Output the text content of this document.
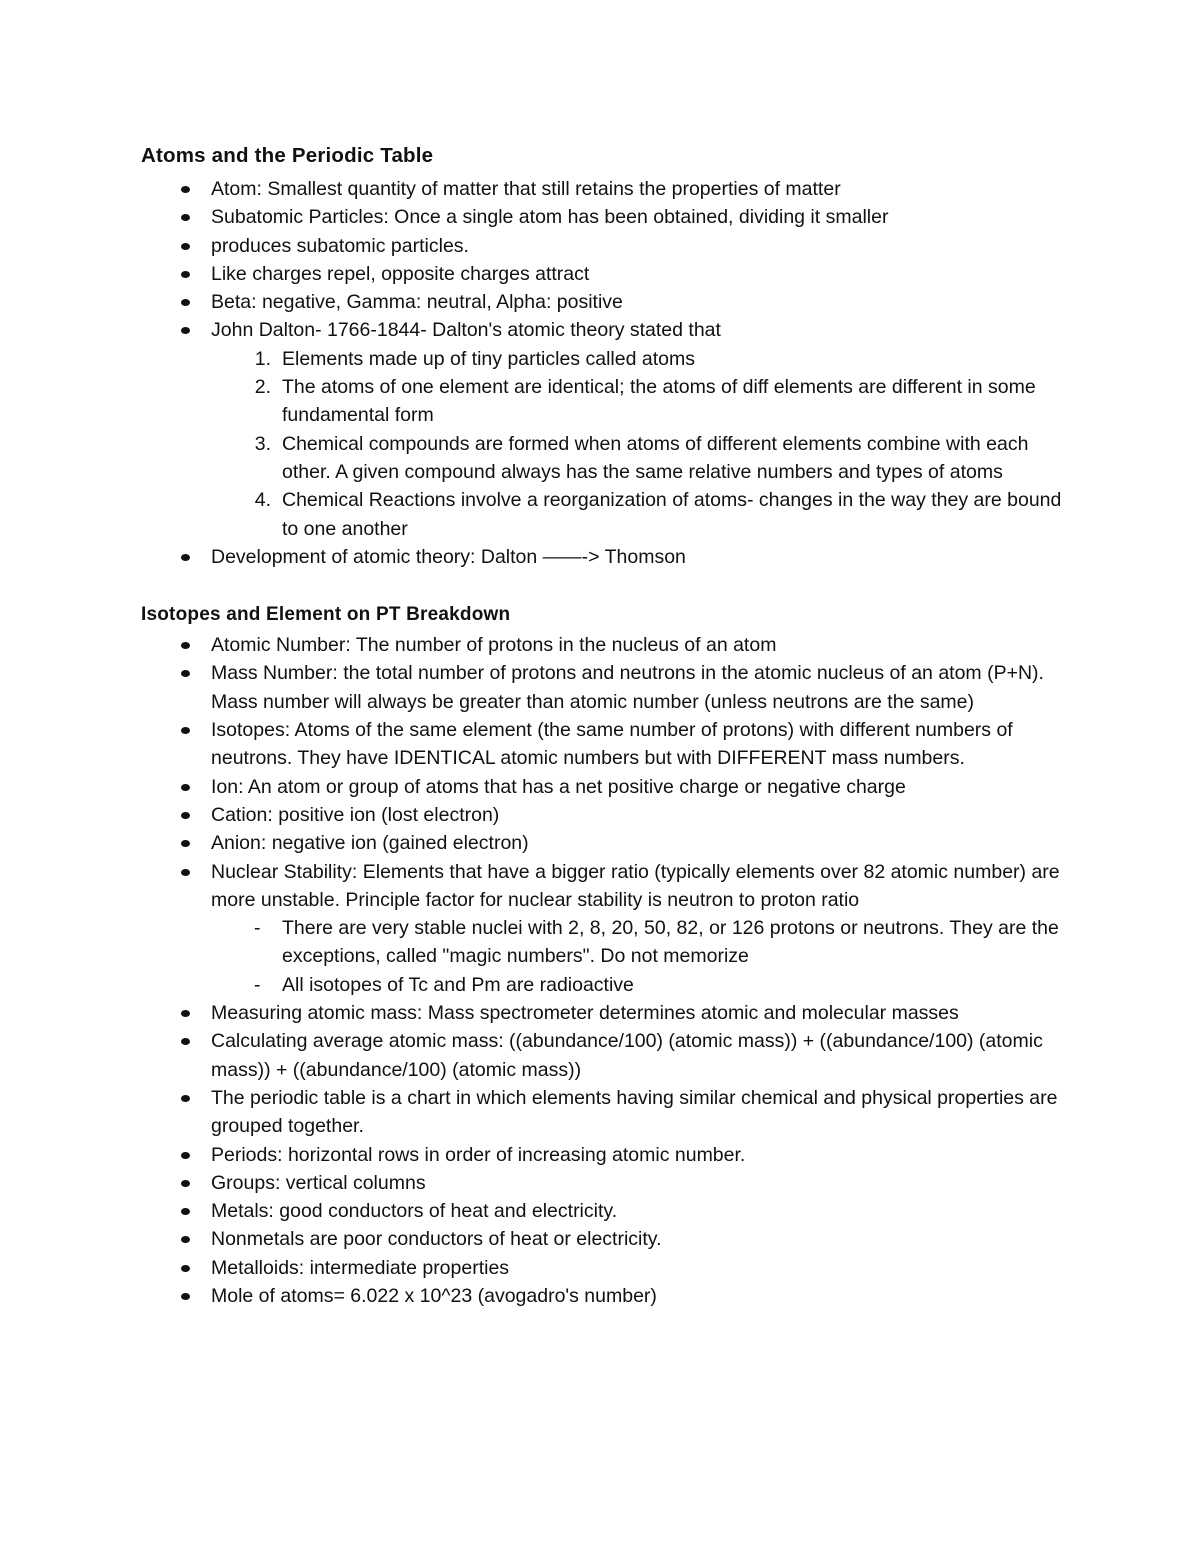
Atoms and the Periodic Table
Atom: Smallest quantity of matter that still retains the properties of matter
Subatomic Particles: Once a single atom has been obtained, dividing it smaller
produces subatomic particles.
Like charges repel, opposite charges attract
Beta: negative, Gamma: neutral, Alpha: positive
John Dalton- 1766-1844- Dalton's atomic theory stated that
1. Elements made up of tiny particles called atoms
2. The atoms of one element are identical; the atoms of diff elements are different in some fundamental form
3. Chemical compounds are formed when atoms of different elements combine with each other. A given compound always has the same relative numbers and types of atoms
4. Chemical Reactions involve a reorganization of atoms- changes in the way they are bound to one another
Development of atomic theory: Dalton ——-> Thomson
Isotopes and Element on PT Breakdown
Atomic Number: The number of protons in the nucleus of an atom
Mass Number: the total number of protons and neutrons in the atomic nucleus of an atom (P+N). Mass number will always be greater than atomic number (unless neutrons are the same)
Isotopes: Atoms of the same element (the same number of protons) with different numbers of neutrons. They have IDENTICAL atomic numbers but with DIFFERENT mass numbers.
Ion: An atom or group of atoms that has a net positive charge or negative charge
Cation: positive ion (lost electron)
Anion: negative ion (gained electron)
Nuclear Stability: Elements that have a bigger ratio (typically elements over 82 atomic number) are more unstable. Principle factor for nuclear stability is neutron to proton ratio
- There are very stable nuclei with 2, 8, 20, 50, 82, or 126 protons or neutrons. They are the exceptions, called "magic numbers". Do not memorize
- All isotopes of Tc and Pm are radioactive
Measuring atomic mass: Mass spectrometer determines atomic and molecular masses
Calculating average atomic mass: ((abundance/100) (atomic mass)) + ((abundance/100) (atomic mass)) + ((abundance/100) (atomic mass))
The periodic table is a chart in which elements having similar chemical and physical properties are grouped together.
Periods: horizontal rows in order of increasing atomic number.
Groups: vertical columns
Metals: good conductors of heat and electricity.
Nonmetals are poor conductors of heat or electricity.
Metalloids: intermediate properties
Mole of atoms= 6.022 x 10^23 (avogadro's number)
